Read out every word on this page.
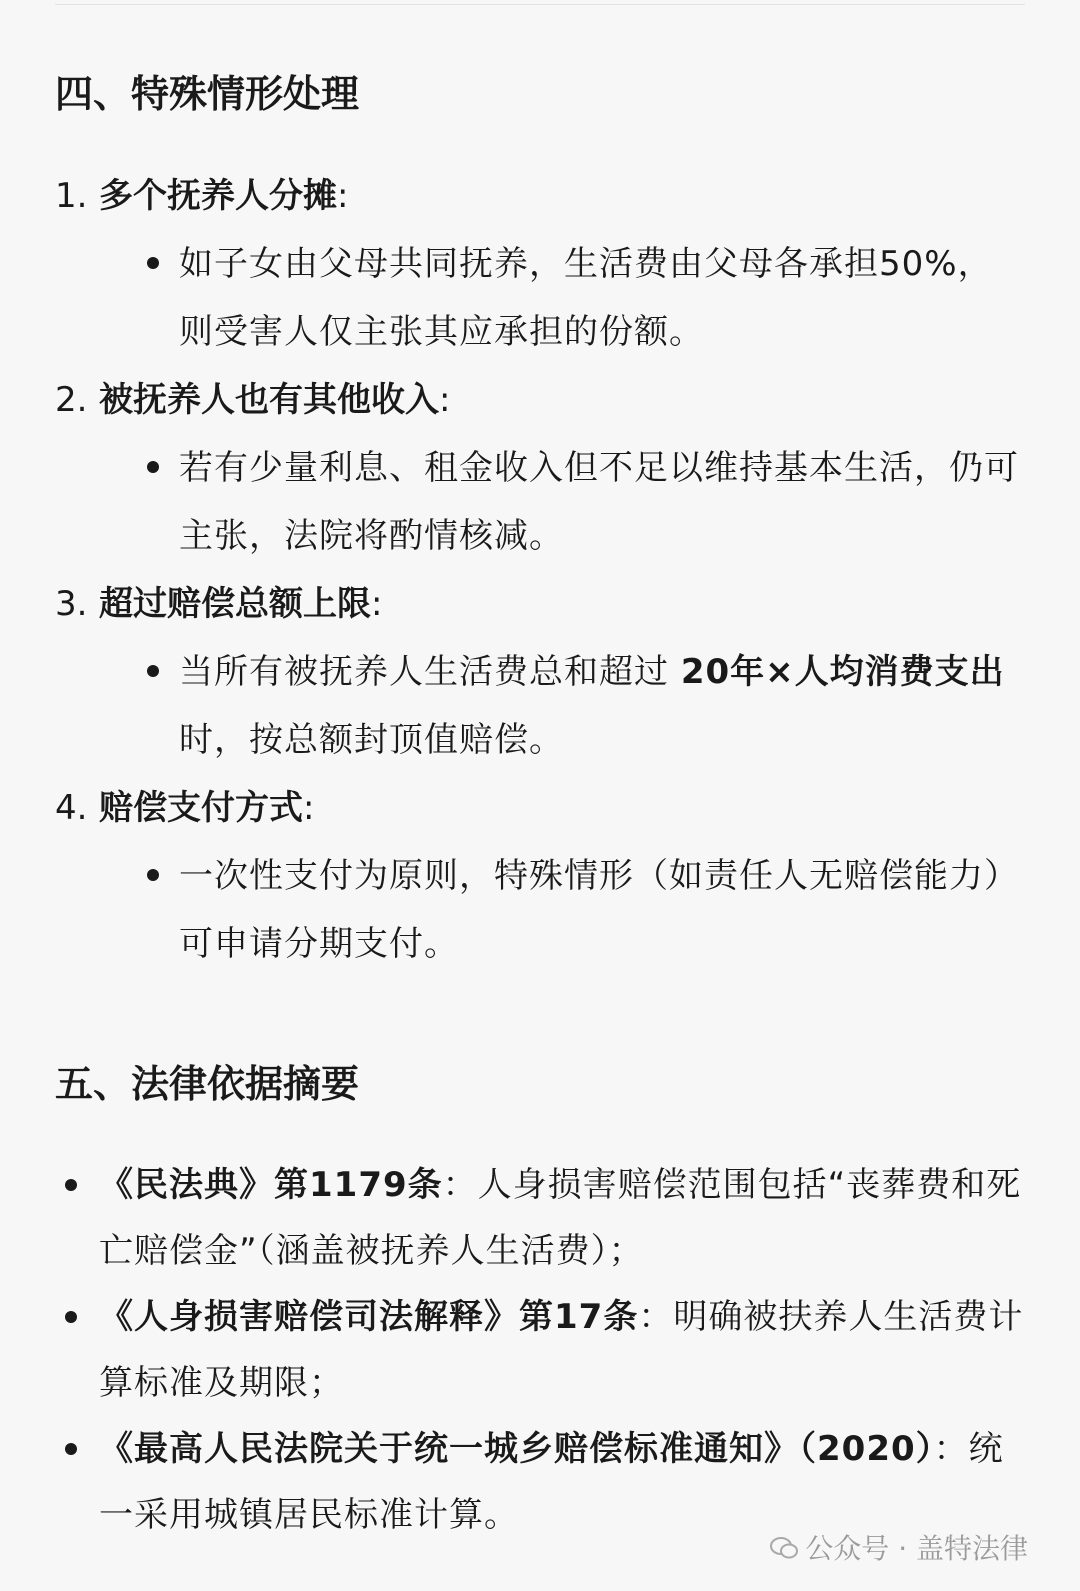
四、特殊情形处理
1. 多个抚养人分摊:
如子女由父母共同抚养，生活费由父母各承担50%，则受害人仅主张其应承担的份额。
2. 被抚养人也有其他收入:
若有少量利息、租金收入但不足以维持基本生活，仍可主张，法院将酌情核减。
3. 超过赔偿总额上限:
当所有被抚养人生活费总和超过 20年×人均消费支出 时，按总额封顶值赔偿。
4. 赔偿支付方式:
一次性支付为原则，特殊情形（如责任人无赔偿能力）可申请分期支付。
五、法律依据摘要
《民法典》第1179条：人身损害赔偿范围包括“丧葬费和死亡赔偿金”（涵盖被抚养人生活费）；
《人身损害赔偿司法解释》第17条：明确被扶养人生活费计算标准及期限；
《最高人民法院关于统一城乡赔偿标准通知》（2020）：统一采用城镇居民标准计算。
公众号 · 盖特法律
